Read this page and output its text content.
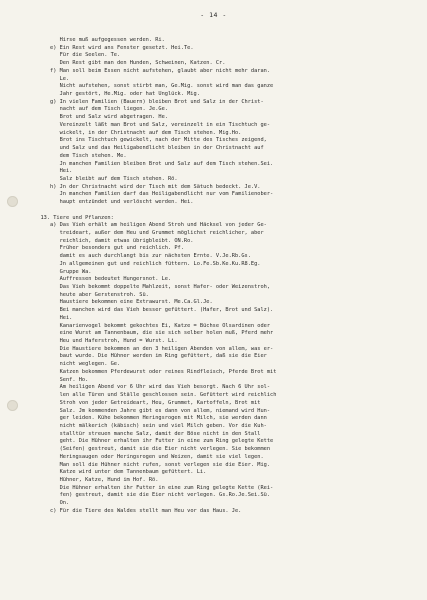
- 14 -
Hirse muß aufgegessen werden. Ri.
e) Ein Rest wird ans Fenster gesetzt. Hei.Te.
Für die Seelen. Te.
Den Rest gibt man den Hunden, Schweinen, Katzen. Cr.
f) Man soll beim Essen nicht aufstehen, glaubt aber nicht mehr daran.
Le.
Nicht aufstehen, sonst stirbt man, Ge.Mig. sonst wird man das ganze
Jahr gestört, He.Mig. oder hat Unglück. Mig.
g) In vielen Familien (Bauern) bleiben Brot und Salz in der Christ-
nacht auf dem Tisch liegen. Je.Ge.
Brot und Salz wird abgetragen. He.
Vereinzelt läßt man Brot und Salz, vereinzelt in ein Tischtuch ge-
wickelt, in der Christnacht auf dem Tisch stehen. Mig.Ho.
Brot ins Tischtuch gewickelt, nach der Mitte des Tisches zeigend,
und Salz und das Heiligabendlicht bleiben in der Christnacht auf
dem Tisch stehen. Me.
Jn manchen Familien bleiben Brot und Salz auf dem Tisch stehen.Sei.
Hei.
Salz bleibt auf dem Tisch stehen. Rö.
h) Jn der Christnacht wird der Tisch mit dem Sätuch bedeckt. Je.V.
Jn manchen Familien darf das Heiligabendlicht nur vom Familienober-
haupt entzündet und verlöscht werden. Hei.
13. Tiere und Pflanzen:
a) Das Vieh erhält am heiligen Abend Stroh und Häcksel von jeder Ge-
treideart, außer dem Heu und Grummet möglichst reichlicher, aber
reichlich, damit etwas übrigbleibt. ON.Ro.
Früher besonders gut und reichlich. Pf.
damit es auch durchlangt bis zur nächsten Ernte. V.Je.Rb.Gs.
Jn allgemeinen gut und reichlich füttern. Lo.Fe.Sb.Ke.Ku.R8.Eg.
Gruppe Wa.
Auffressen bedeutet Hungersnot. Le.
Das Vieh bekommt doppelte Mahlzeit, sonst Hafer- oder Weizenstroh,
heute aber Gerstenstroh. Sü.
Haustiere bekommen eine Extrawurst. Me.Ca.Gl.Je.
Bei manchen wird das Vieh besser gefüttert. (Hafer, Brot und Salz).
Hei.
Kanarienvogel bekommt gekochtes Ei, Katze = Büchse Ölsardinen oder
eine Wurst am Tannenbaum, die sie sich selber holen muß, Pferd mehr
Heu und Haferstroh, Hund = Wurst. Li.
Die Haustiere bekommen an den 3 heiligen Abenden von allem, was er-
baut wurde. Die Hühner werden im Ring gefüttert, daß sie die Eier
nicht weglegen. Ge.
Katzen bekommen Pferdewurst oder reines Rindfleisch, Pferde Brot mit
Senf. Ho.
Am heiligen Abend vor 6 Uhr wird das Vieh besorgt. Nach 6 Uhr sol-
len alle Türen und Ställe geschlossen sein. Gefüttert wird reichlich
Stroh von jeder Getreideart, Heu, Grummet, Kartoffeln, Brot mit
Salz. Jm kommenden Jahre gibt es dann von allem, niemand wird Hun-
ger leiden. Kühe bekommen Heringsrogen mit Milch, sie werden dann
nicht mälkerich (käbisch) sein und viel Milch geben. Vor die Kuh-
stalltür streuen manche Salz, damit der Böse nicht in den Stall
geht. Die Hühner erhalten ihr Futter in eine zum Ring gelegte Kette
(Seifen) gestreut, damit sie die Eier nicht verlegen. Sie bekommen
Heringsaugen oder Heringsrogen und Weizen, damit sie viel legen.
Man soll die Hühner nicht rufen, sonst verlegen sie die Eier. Mig.
Katze wird unter dem Tannenbaum gefüttert. Li.
Hühner, Katze, Hund im Hof. Rö.
Die Hühner erhalten ihr Futter in eine zum Ring gelegte Kette (Rei-
fen) gestreut, damit sie die Eier nicht verlegen. Gs.Ro.Je.Sei.Sü.
On.
c) Für die Tiere des Waldes stellt man Heu vor das Haus. Je.
